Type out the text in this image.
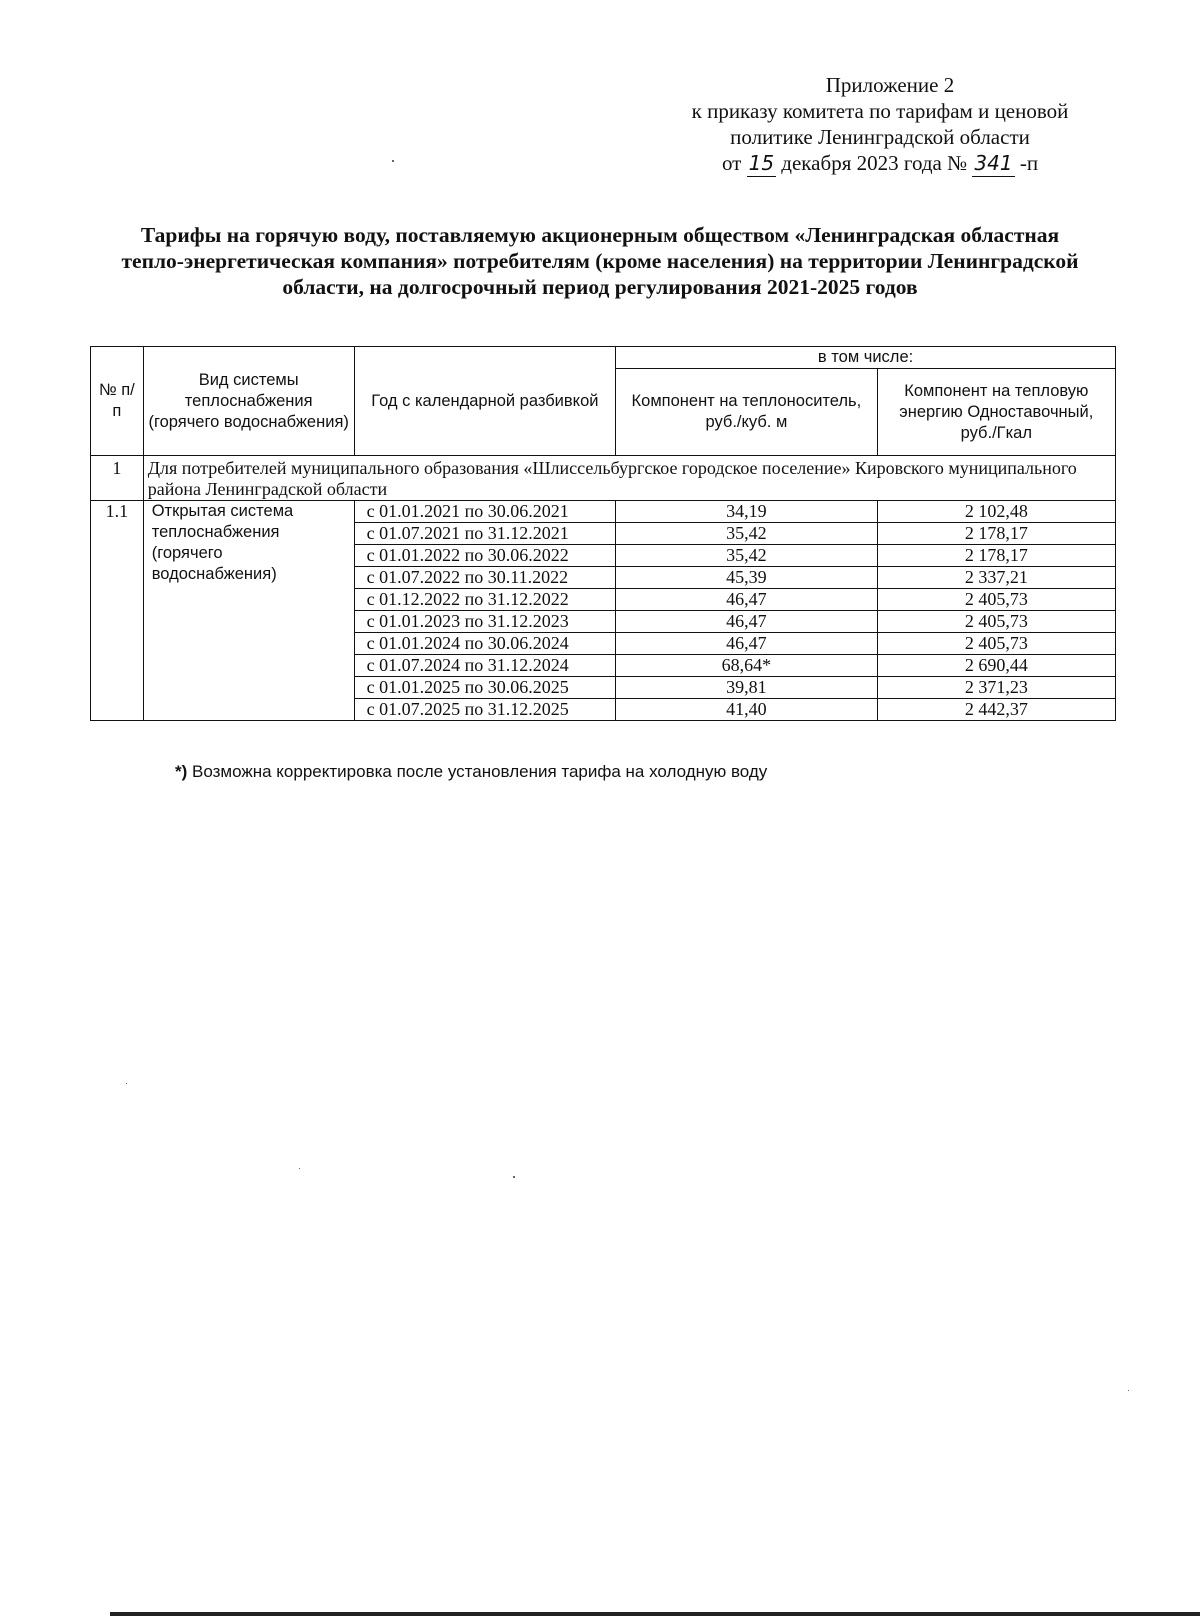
Приложение 2
к приказу комитета по тарифам и ценовой
политике Ленинградской области
от 15 декабря 2023 года № 341 -п
Тарифы на горячую воду, поставляемую акционерным обществом «Ленинградская областная тепло-энергетическая компания» потребителям (кроме населения) на территории Ленинградской области, на долгосрочный период регулирования 2021-2025 годов
№ п/п	Вид системы теплоснабжения (горячего водоснабжения)	Год с календарной разбивкой	в том числе:	
			Компонент на теплоноситель, руб./куб. м	Компонент на тепловую энергию Одноставочный, руб./Гкал
1	Для потребителей муниципального образования «Шлиссельбургское городское поселение» Кировского муниципального района Ленинградской области			
1.1	Открытая система теплоснабжения (горячего водоснабжения)	с 01.01.2021 по 30.06.2021	34,19	2 102,48
		с 01.07.2021 по 31.12.2021	35,42	2 178,17
		с 01.01.2022 по 30.06.2022	35,42	2 178,17
		с 01.07.2022 по 30.11.2022	45,39	2 337,21
		с 01.12.2022 по 31.12.2022	46,47	2 405,73
		с 01.01.2023 по 31.12.2023	46,47	2 405,73
		с 01.01.2024 по 30.06.2024	46,47	2 405,73
		с 01.07.2024 по 31.12.2024	68,64*	2 690,44
		с 01.01.2025 по 30.06.2025	39,81	2 371,23
		с 01.07.2025 по 31.12.2025	41,40	2 442,37
*) Возможна корректировка после установления тарифа на холодную воду
